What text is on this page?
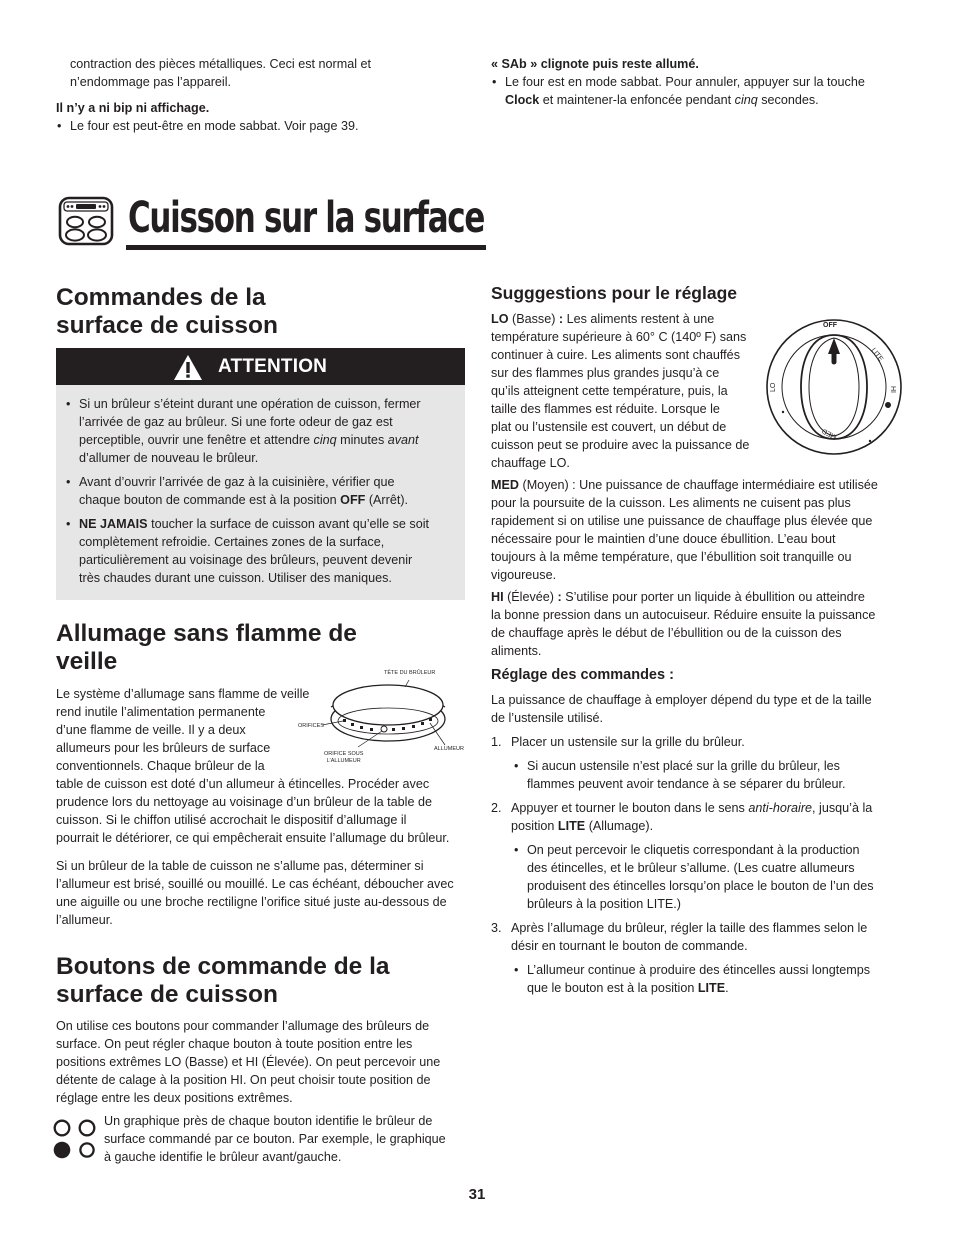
contraction des pièces métalliques. Ceci est normal et
n’endommage pas l’appareil.

Il n’y a ni bip ni affichage.

• Le four est peut-être en mode sabbat. Voir page 39.

« SAb » clignote puis reste allumé.

• Le four est en mode sabbat. Pour annuler, appuyer sur la touche
Clock et maintener-la enfoncée pendant cinq secondes.
Cuisson sur la surface
Commandes de la
surface de cuisson
ATTENTION
• Si un brûleur s’éteint durant une opération de cuisson, fermer
l’arrivée de gaz au brûleur. Si une forte odeur de gaz est
perceptible, ouvrir une fenêtre et attendre cinq minutes avant
d’allumer de nouveau le brûleur.
• Avant d’ouvrir l’arrivée de gaz à la cuisinière, vérifier que
chaque bouton de commande est à la position OFF (Arrêt).
• NE JAMAIS toucher la surface de cuisson avant qu’elle se soit
complètement refroidie. Certaines zones de la surface,
particulièrement au voisinage des brûleurs, peuvent devenir
très chaudes durant une cuisson. Utiliser des maniques.
Allumage sans flamme de
veille

Le système d’allumage sans flamme de veille
rend inutile l’alimentation permanente
d’une flamme de veille. Il y a deux
allumeurs pour les brûleurs de surface
conventionnels. Chaque brûleur de la
table de cuisson est doté d’un allumeur à étincelles. Procéder avec
prudence lors du nettoyage au voisinage d’un brûleur de la table de
cuisson. Si le chiffon utilisé accrochait le dispositif d’allumage il
pourrait le détériorer, ce qui empêcherait ensuite l’allumage du brûleur.

Si un brûleur de la table de cuisson ne s’allume pas, déterminer si
l’allumeur est brisé, souillé ou mouillé. Le cas échéant, déboucher avec
une aiguille ou une broche rectiligne l’orifice situé juste au-dessous de
l’allumeur.

TÊTE DU BRÛLEUR
ORIFICES
ORIFICE SOUS
L’ALLUMEUR
ALLUMEUR
Boutons de commande de la
surface de cuisson

On utilise ces boutons pour commander l’allumage des brûleurs de
surface. On peut régler chaque bouton à toute position entre les
positions extrêmes LO (Basse) et HI (Élevée). On peut percevoir une
détente de calage à la position HI. On peut choisir toute position de
réglage entre les deux positions extrêmes.

Un graphique près de chaque bouton identifie le brûleur de
surface commandé par ce bouton. Par exemple, le graphique
à gauche identifie le brûleur avant/gauche.

Sugggestions pour le réglage

LO (Basse) : Les aliments restent à une
température supérieure à 60° C (140º F) sans
continuer à cuire. Les aliments sont chauffés
sur des flammes plus grandes jusqu’à ce
qu’ils atteignent cette température, puis, la
taille des flammes est réduite. Lorsque le
plat ou l’ustensile est couvert, un début de
cuisson peut se produire avec la puissance de
chauffage LO.

MED (Moyen) : Une puissance de chauffage intermédiaire est utilisée
pour la poursuite de la cuisson. Les aliments ne cuisent pas plus
rapidement si on utilise une puissance de chauffage plus élevée que
nécessaire pour le maintien d’une douce ébullition. L’eau bout
toujours à la même température, que l’ébullition soit tranquille ou
vigoureuse.

HI (Élevée) : S’utilise pour porter un liquide à ébullition ou atteindre
la bonne pression dans un autocuiseur. Réduire ensuite la puissance
de chauffage après le début de l’ébullition ou de la cuisson des
aliments.

OFF
LITE
HI
MED
LO
Réglage des commandes :

La puissance de chauffage à employer dépend du type et de la taille
de l’ustensile utilisé.

1. Placer un ustensile sur la grille du brûleur.
• Si aucun ustensile n’est placé sur la grille du brûleur, les
flammes peuvent avoir tendance à se séparer du brûleur.
2. Appuyer et tourner le bouton dans le sens anti-horaire, jusqu’à la
position LITE (Allumage).
• On peut percevoir le cliquetis correspondant à la production
des étincelles, et le brûleur s’allume. (Les cuatre allumeurs
produisent des étincelles lorsqu’on place le bouton de l’un des
brûleurs à la position LITE.)
3. Après l’allumage du brûleur, régler la taille des flammes selon le
désir en tournant le bouton de commande.
• L’allumeur continue à produire des étincelles aussi longtemps
que le bouton est à la position LITE.
31
